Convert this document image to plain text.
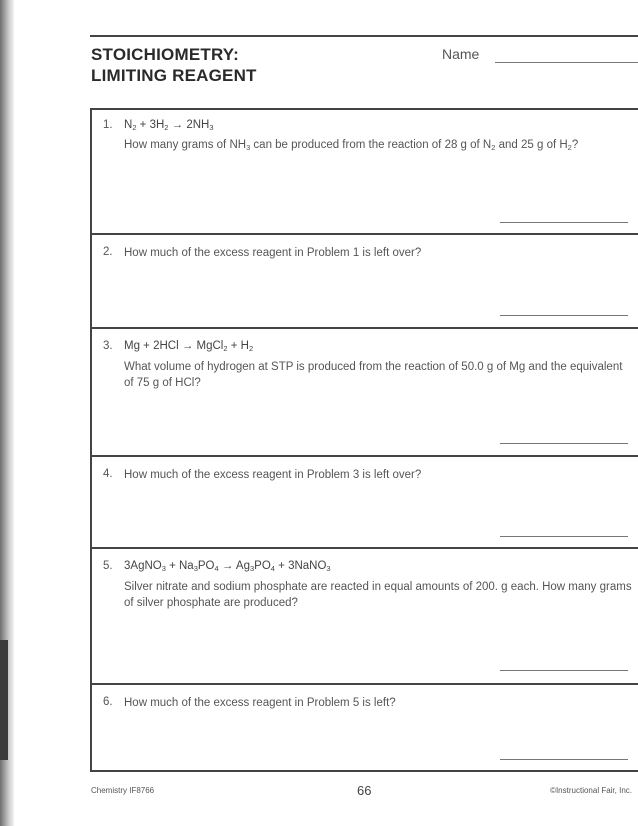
STOICHIOMETRY:
LIMITING REAGENT
Name
1. $N_2 + 3H_2 \to 2NH_3$
How many grams of $NH_3$ can be produced from the reaction of 28 g of $N_2$ and 25 g of $H_2$?
2. How much of the excess reagent in Problem 1 is left over?
3. Mg + 2HCl → MgCl$_2$ + $H_2$
What volume of hydrogen at STP is produced from the reaction of 50.0 g of Mg and the equivalent of 75 g of HCl?
4. How much of the excess reagent in Problem 3 is left over?
5. 3AgNO$_3$ + $Na_3PO_4 \to Ag_3PO_4$ + 3NaNO$_3$
Silver nitrate and sodium phosphate are reacted in equal amounts of 200. g each. How many grams of silver phosphate are produced?
6. How much of the excess reagent in Problem 5 is left?
Chemistry IF8766	66	©Instructional Fair, Inc.
